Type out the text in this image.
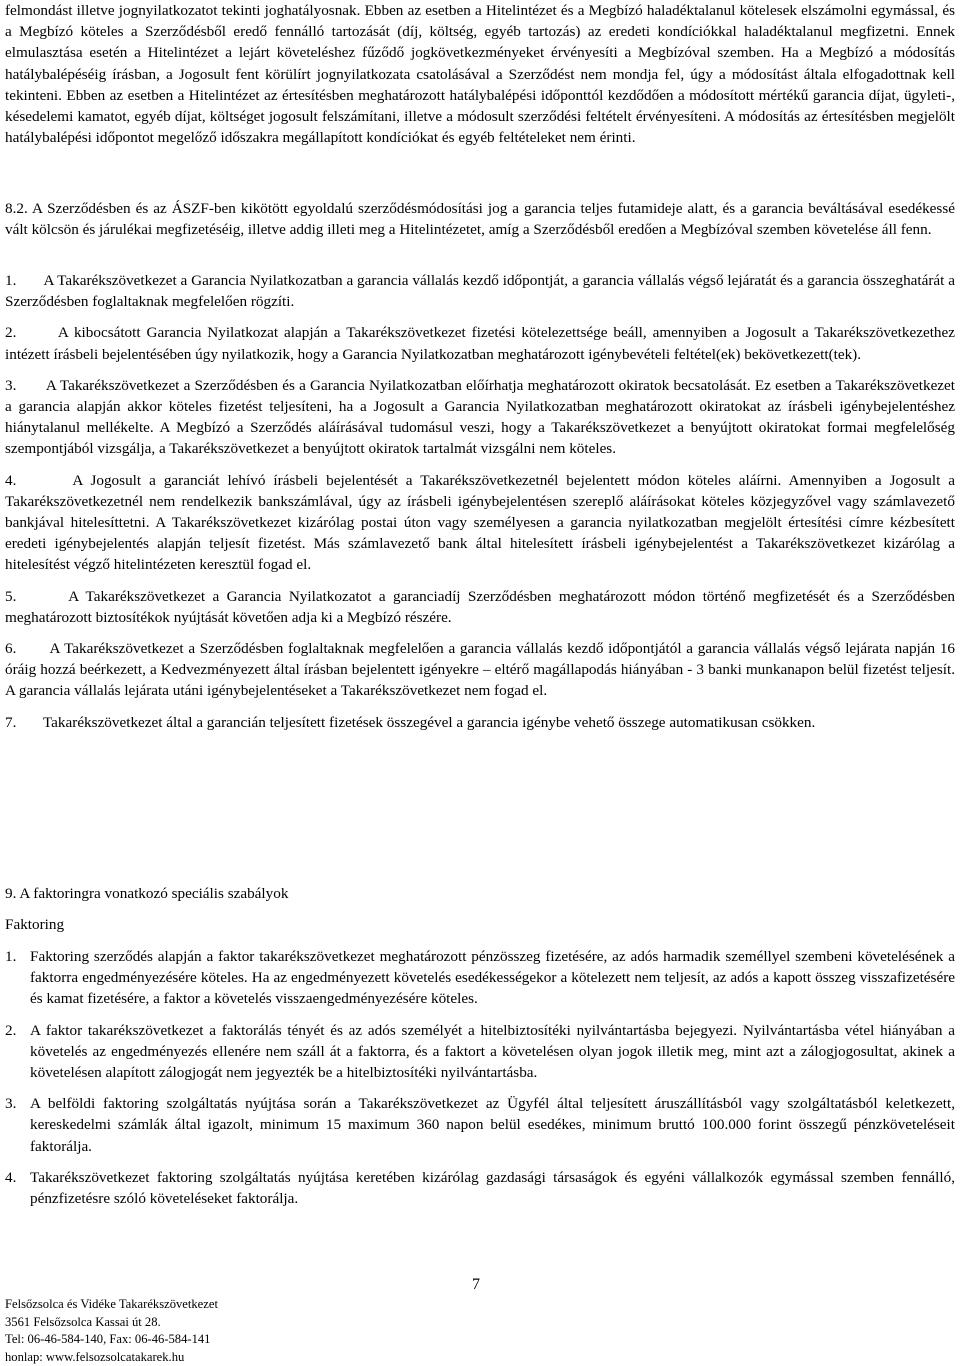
felmondást illetve jognyilatkozatot tekinti joghatályosnak. Ebben az esetben a Hitelintézet és a Megbízó haladéktalanul kötelesek elszámolni egymással, és a Megbízó köteles a Szerződésből eredő fennálló tartozását (díj, költség, egyéb tartozás) az eredeti kondíciókkal haladéktalanul megfizetni. Ennek elmulasztása esetén a Hitelintézet a lejárt követeléshez fűződő jogkövetkezményeket érvényesíti a Megbízóval szemben. Ha a Megbízó a módosítás hatálybalépéséig írásban, a Jogosult fent körülírt jognyilatkozata csatolásával a Szerződést nem mondja fel, úgy a módosítást általa elfogadottnak kell tekinteni. Ebben az esetben a Hitelintézet az értesítésben meghatározott hatálybalépési időponttól kezdődően a módosított mértékű garancia díjat, ügyleti-, késedelemi kamatot, egyéb díjat, költséget jogosult felszámítani, illetve a módosult szerződési feltételt érvényesíteni. A módosítás az értesítésben megjelölt hatálybalépési időpontot megelőző időszakra megállapított kondíciókat és egyéb feltételeket nem érinti.

8.2. A Szerződésben és az ÁSZF-ben kikötött egyoldalú szerződésmódosítási jog a garancia teljes futamideje alatt, és a garancia beváltásával esedékessé vált kölcsön és járulékai megfizetéséig, illetve addig illeti meg a Hitelintézetet, amíg a Szerződésből eredően a Megbízóval szemben követelése áll fenn.

1. A Takarékszövetkezet a Garancia Nyilatkozatban a garancia vállalás kezdő időpontját, a garancia vállalás végső lejáratát és a garancia összeghatárát a Szerződésben foglaltaknak megfelelően rögzíti.

2.	A kibocsátott Garancia Nyilatkozat alapján a Takarékszövetkezet fizetési kötelezettsége beáll, amennyiben a Jogosult a Takarékszövetkezethez intézett írásbeli bejelentésében úgy nyilatkozik, hogy a Garancia Nyilatkozatban meghatározott igénybevételi feltétel(ek) bekövetkezett(tek).

3. A Takarékszövetkezet a Szerződésben és a Garancia Nyilatkozatban előírhatja meghatározott okiratok becsatolását. Ez esetben a Takarékszövetkezet a garancia alapján akkor köteles fizetést teljesíteni, ha a Jogosult a Garancia Nyilatkozatban meghatározott okiratokat az írásbeli igénybejelentéshez hiánytalanul mellékelte. A Megbízó a Szerződés aláírásával tudomásul veszi, hogy a Takarékszövetkezet a benyújtott okiratokat formai megfelelőség szempontjából vizsgálja, a Takarékszövetkezet a benyújtott okiratok tartalmát vizsgálni nem köteles.

4.	A Jogosult a garanciát lehívó írásbeli bejelentését a Takarékszövetkezetnél bejelentett módon köteles aláírni. Amennyiben a Jogosult a Takarékszövetkezetnél nem rendelkezik bankszámlával, úgy az írásbeli igénybejelentésen szereplő aláírásokat köteles közjegyzővel vagy számlavezető bankjával hitelesíttetni. A Takarékszövetkezet kizárólag postai úton vagy személyesen a garancia nyilatkozatban megjelölt értesítési címre kézbesített eredeti igénybejelentés alapján teljesít fizetést. Más számlavezető bank által hitelesített írásbeli igénybejelentést a Takarékszövetkezet kizárólag a hitelesítést végző hitelintézeten keresztül fogad el.

5.	A Takarékszövetkezet a Garancia Nyilatkozatot a garanciadíj Szerződésben meghatározott módon történő megfizetését és a Szerződésben meghatározott biztosítékok nyújtását követően adja ki a Megbízó részére.

6. A Takarékszövetkezet a Szerződésben foglaltaknak megfelelően a garancia vállalás kezdő időpontjától a garancia vállalás végső lejárata napján 16 óráig hozzá beérkezett, a Kedvezményezett által írásban bejelentett igényekre – eltérő magállapodás hiányában - 3 banki munkanapon belül fizetést teljesít. A garancia vállalás lejárata utáni igénybejelentéseket a Takarékszövetkezet nem fogad el.

7. Takarékszövetkezet által a garancián teljesített fizetések összegével a garancia igénybe vehető összege automatikusan csökken.

9. A faktoringra vonatkozó speciális szabályok
Faktoring

1. Faktoring szerződés alapján a faktor takarékszövetkezet meghatározott pénzösszeg fizetésére, az adós harmadik személlyel szembeni követelésének a faktorra engedményezésére köteles. Ha az engedményezett követelés esedékességekor a kötelezett nem teljesít, az adós a kapott összeg visszafizetésére és kamat fizetésére, a faktor a követelés visszaengedményezésére köteles.

2. A faktor takarékszövetkezet a faktorálás tényét és az adós személyét a hitelbiztosítéki nyilvántartásba bejegyezi. Nyilvántartásba vétel hiányában a követelés az engedményezés ellenére nem száll át a faktorra, és a faktort a követelésen olyan jogok illetik meg, mint azt a zálogjogosultat, akinek a követelésen alapított zálogjogát nem jegyezték be a hitelbiztosítéki nyilvántartásba.

3. A belföldi faktoring szolgáltatás nyújtása során a Takarékszövetkezet az Ügyfél által teljesített áruszállításból vagy szolgáltatásból keletkezett, kereskedelmi számlák által igazolt, minimum 15 maximum 360 napon belül esedékes, minimum bruttó 100.000 forint összegű pénzköveteléseit faktorálja.

4. Takarékszövetkezet faktoring szolgáltatás nyújtása keretében kizárólag gazdasági társaságok és egyéni vállalkozók egymással szemben fennálló, pénzfizetésre szóló követeléseket faktorálja.

7
Felsőzsolca és Vidéke Takarékszövetkezet
3561 Felsőzsolca Kassai út 28.
Tel: 06-46-584-140, Fax: 06-46-584-141
honlap: www.felsozsolcatakarek.hu
